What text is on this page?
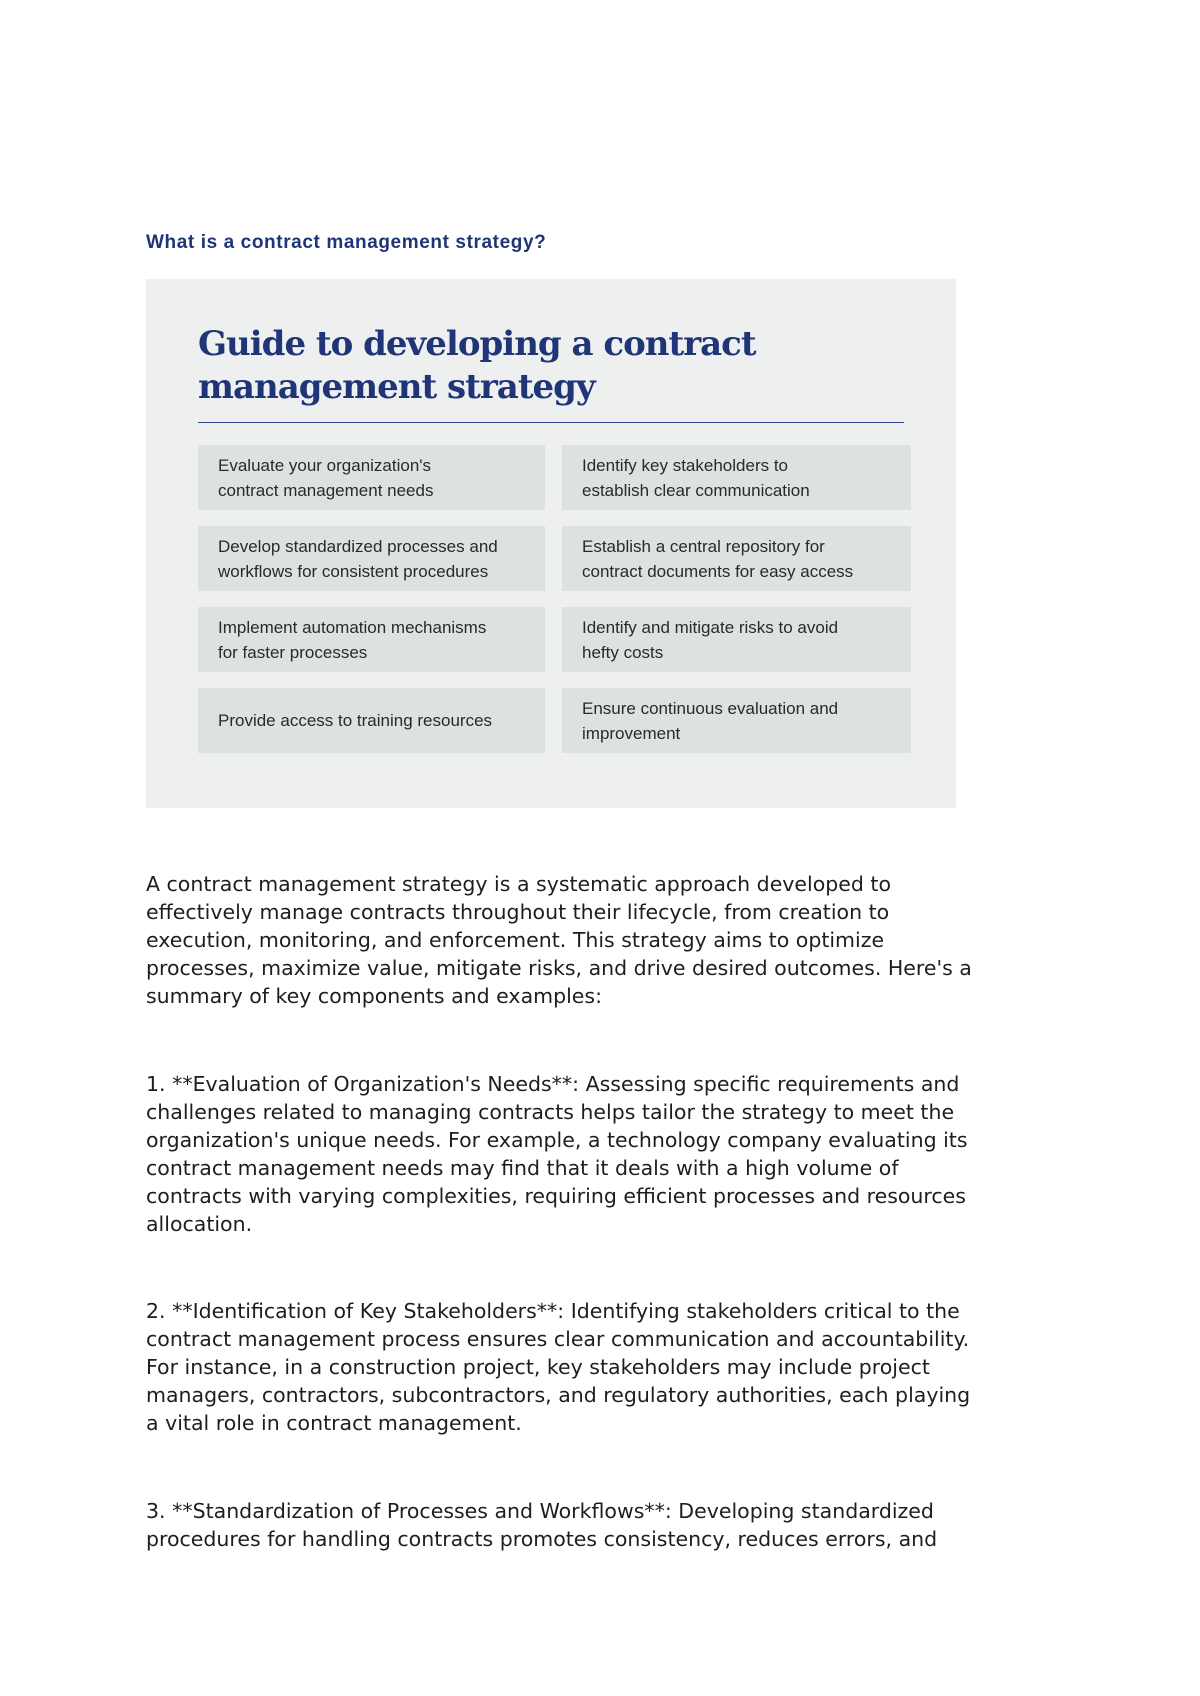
What is a contract management strategy?
Guide to developing a contract
management strategy
Evaluate your organization's
contract management needs
Identify key stakeholders to
establish clear communication
Develop standardized processes and
workflows for consistent procedures
Establish a central repository for
contract documents for easy access
Implement automation mechanisms
for faster processes
Identify and mitigate risks to avoid
hefty costs
Provide access to training resources
Ensure continuous evaluation and
improvement

A contract management strategy is a systematic approach developed to
effectively manage contracts throughout their lifecycle, from creation to
execution, monitoring, and enforcement. This strategy aims to optimize
processes, maximize value, mitigate risks, and drive desired outcomes. Here's a
summary of key components and examples:

1. **Evaluation of Organization's Needs**: Assessing specific requirements and
challenges related to managing contracts helps tailor the strategy to meet the
organization's unique needs. For example, a technology company evaluating its
contract management needs may find that it deals with a high volume of
contracts with varying complexities, requiring efficient processes and resources
allocation.

2. **Identification of Key Stakeholders**: Identifying stakeholders critical to the
contract management process ensures clear communication and accountability.
For instance, in a construction project, key stakeholders may include project
managers, contractors, subcontractors, and regulatory authorities, each playing
a vital role in contract management.

3. **Standardization of Processes and Workflows**: Developing standardized
procedures for handling contracts promotes consistency, reduces errors, and
